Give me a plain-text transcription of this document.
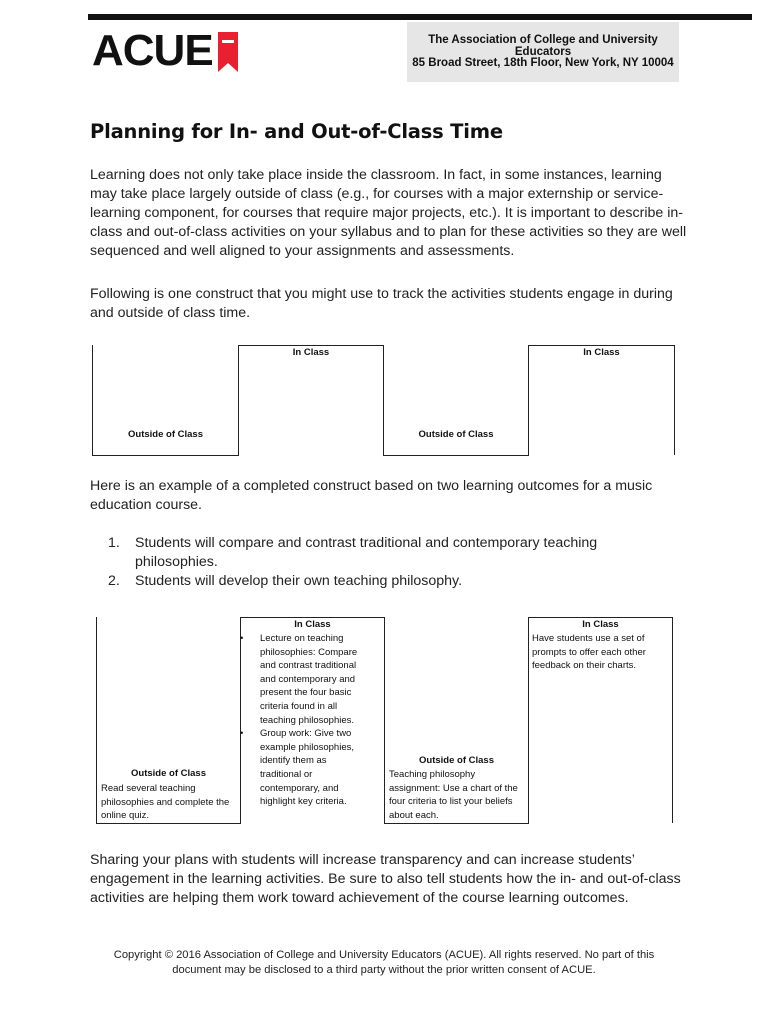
ACUE	The Association of College and University Educators
85 Broad Street, 18th Floor, New York, NY 10004
Planning for In- and Out-of-Class Time

Learning does not only take place inside the classroom. In fact, in some instances, learning may take place largely outside of class (e.g., for courses with a major externship or service-learning component, for courses that require major projects, etc.). It is important to describe in-class and out-of-class activities on your syllabus and to plan for these activities so they are well sequenced and well aligned to your assignments and assessments.

Following is one construct that you might use to track the activities students engage in during and outside of class time.

Outside of Class
In Class
Outside of Class
In Class

Here is an example of a completed construct based on two learning outcomes for a music education course.

1. Students will compare and contrast traditional and contemporary teaching philosophies.
2. Students will develop their own teaching philosophy.
Outside of Class
Read several teaching philosophies and complete the online quiz.
In Class
• Lecture on teaching philosophies: Compare and contrast traditional and contemporary and present the four basic criteria found in all teaching philosophies.
• Group work: Give two example philosophies, identify them as traditional or contemporary, and highlight key criteria.
Outside of Class
Teaching philosophy assignment: Use a chart of the four criteria to list your beliefs about each.
In Class
Have students use a set of prompts to offer each other feedback on their charts.

Sharing your plans with students will increase transparency and can increase students’ engagement in the learning activities. Be sure to also tell students how the in- and out-of-class activities are helping them work toward achievement of the course learning outcomes.

Copyright © 2016 Association of College and University Educators (ACUE). All rights reserved. No part of this document may be disclosed to a third party without the prior written consent of ACUE.
